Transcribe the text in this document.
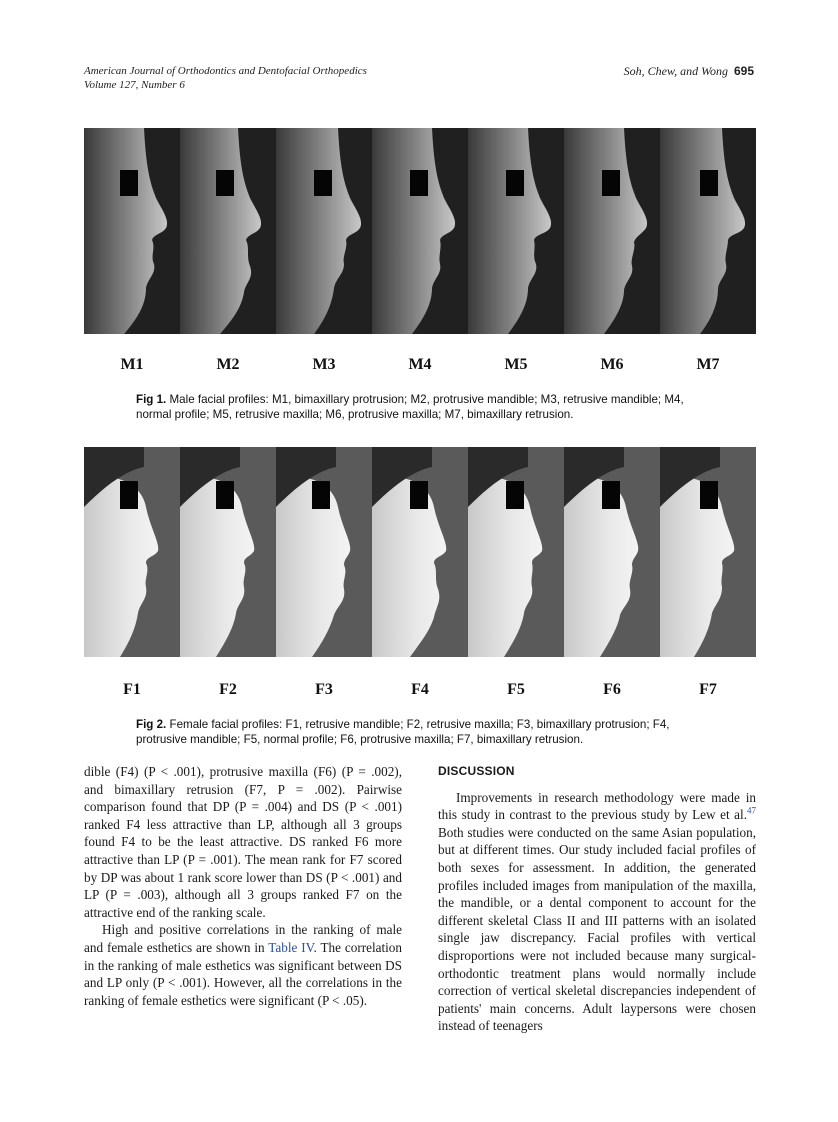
American Journal of Orthodontics and Dentofacial Orthopedics
Volume 127, Number 6
Soh, Chew, and Wong 695
M1	M2	M3	M4	M5	M6	M7
Fig 1. Male facial profiles: M1, bimaxillary protrusion; M2, protrusive mandible; M3, retrusive mandible; M4, normal profile; M5, retrusive maxilla; M6, protrusive maxilla; M7, bimaxillary retrusion.
F1	F2	F3	F4	F5	F6	F7
Fig 2. Female facial profiles: F1, retrusive mandible; F2, retrusive maxilla; F3, bimaxillary protrusion; F4, protrusive mandible; F5, normal profile; F6, protrusive maxilla; F7, bimaxillary retrusion.

dible (F4) (P < .001), protrusive maxilla (F6) (P = .002), and bimaxillary retrusion (F7, P = .002). Pairwise comparison found that DP (P = .004) and DS (P < .001) ranked F4 less attractive than LP, although all 3 groups found F4 to be the least attractive. DS ranked F6 more attractive than LP (P = .001). The mean rank for F7 scored by DP was about 1 rank score lower than DS (P < .001) and LP (P = .003), although all 3 groups ranked F7 on the attractive end of the ranking scale.

High and positive correlations in the ranking of male and female esthetics are shown in Table IV. The correlation in the ranking of male esthetics was significant between DS and LP only (P < .001). However, all the correlations in the ranking of female esthetics were significant (P < .05).

DISCUSSION

Improvements in research methodology were made in this study in contrast to the previous study by Lew et al.$^{47}$ Both studies were conducted on the same Asian population, but at different times. Our study included facial profiles of both sexes for assessment. In addition, the generated profiles included images from manipulation of the maxilla, the mandible, or a dental component to account for the different skeletal Class II and III patterns with an isolated single jaw discrepancy. Facial profiles with vertical disproportions were not included because many surgical-orthodontic treatment plans would normally include correction of vertical skeletal discrepancies independent of patients' main concerns. Adult laypersons were chosen instead of teenagers
